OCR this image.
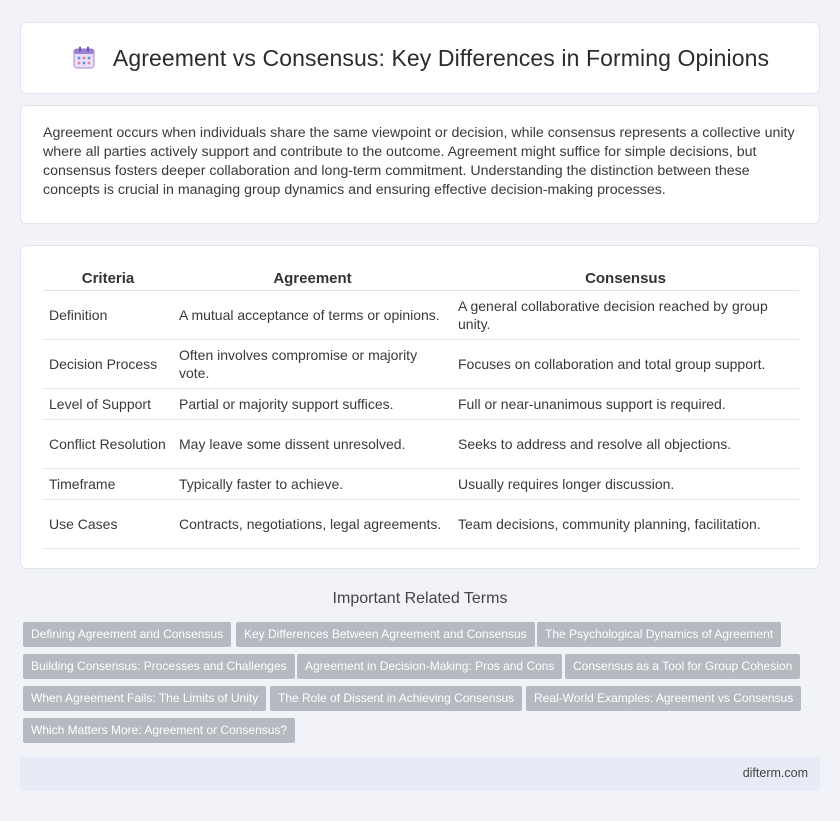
Agreement vs Consensus: Key Differences in Forming Opinions

Agreement occurs when individuals share the same viewpoint or decision, while consensus represents a collective unity where all parties actively support and contribute to the outcome. Agreement might suffice for simple decisions, but consensus fosters deeper collaboration and long-term commitment. Understanding the distinction between these concepts is crucial in managing group dynamics and ensuring effective decision-making processes.

Criteria	Agreement	Consensus
Definition	A mutual acceptance of terms or opinions.	A general collaborative decision reached by group unity.
Decision Process	Often involves compromise or majority vote.	Focuses on collaboration and total group support.
Level of Support	Partial or majority support suffices.	Full or near-unanimous support is required.
Conflict Resolution	May leave some dissent unresolved.	Seeks to address and resolve all objections.
Timeframe	Typically faster to achieve.	Usually requires longer discussion.
Use Cases	Contracts, negotiations, legal agreements.	Team decisions, community planning, facilitation.
Important Related Terms
Defining Agreement and Consensus	Key Differences Between Agreement and Consensus	The Psychological Dynamics of Agreement
Building Consensus: Processes and Challenges	Agreement in Decision-Making: Pros and Cons	Consensus as a Tool for Group Cohesion
When Agreement Fails: The Limits of Unity	The Role of Dissent in Achieving Consensus	Real-World Examples: Agreement vs Consensus
Which Matters More: Agreement or Consensus?
difterm.com
